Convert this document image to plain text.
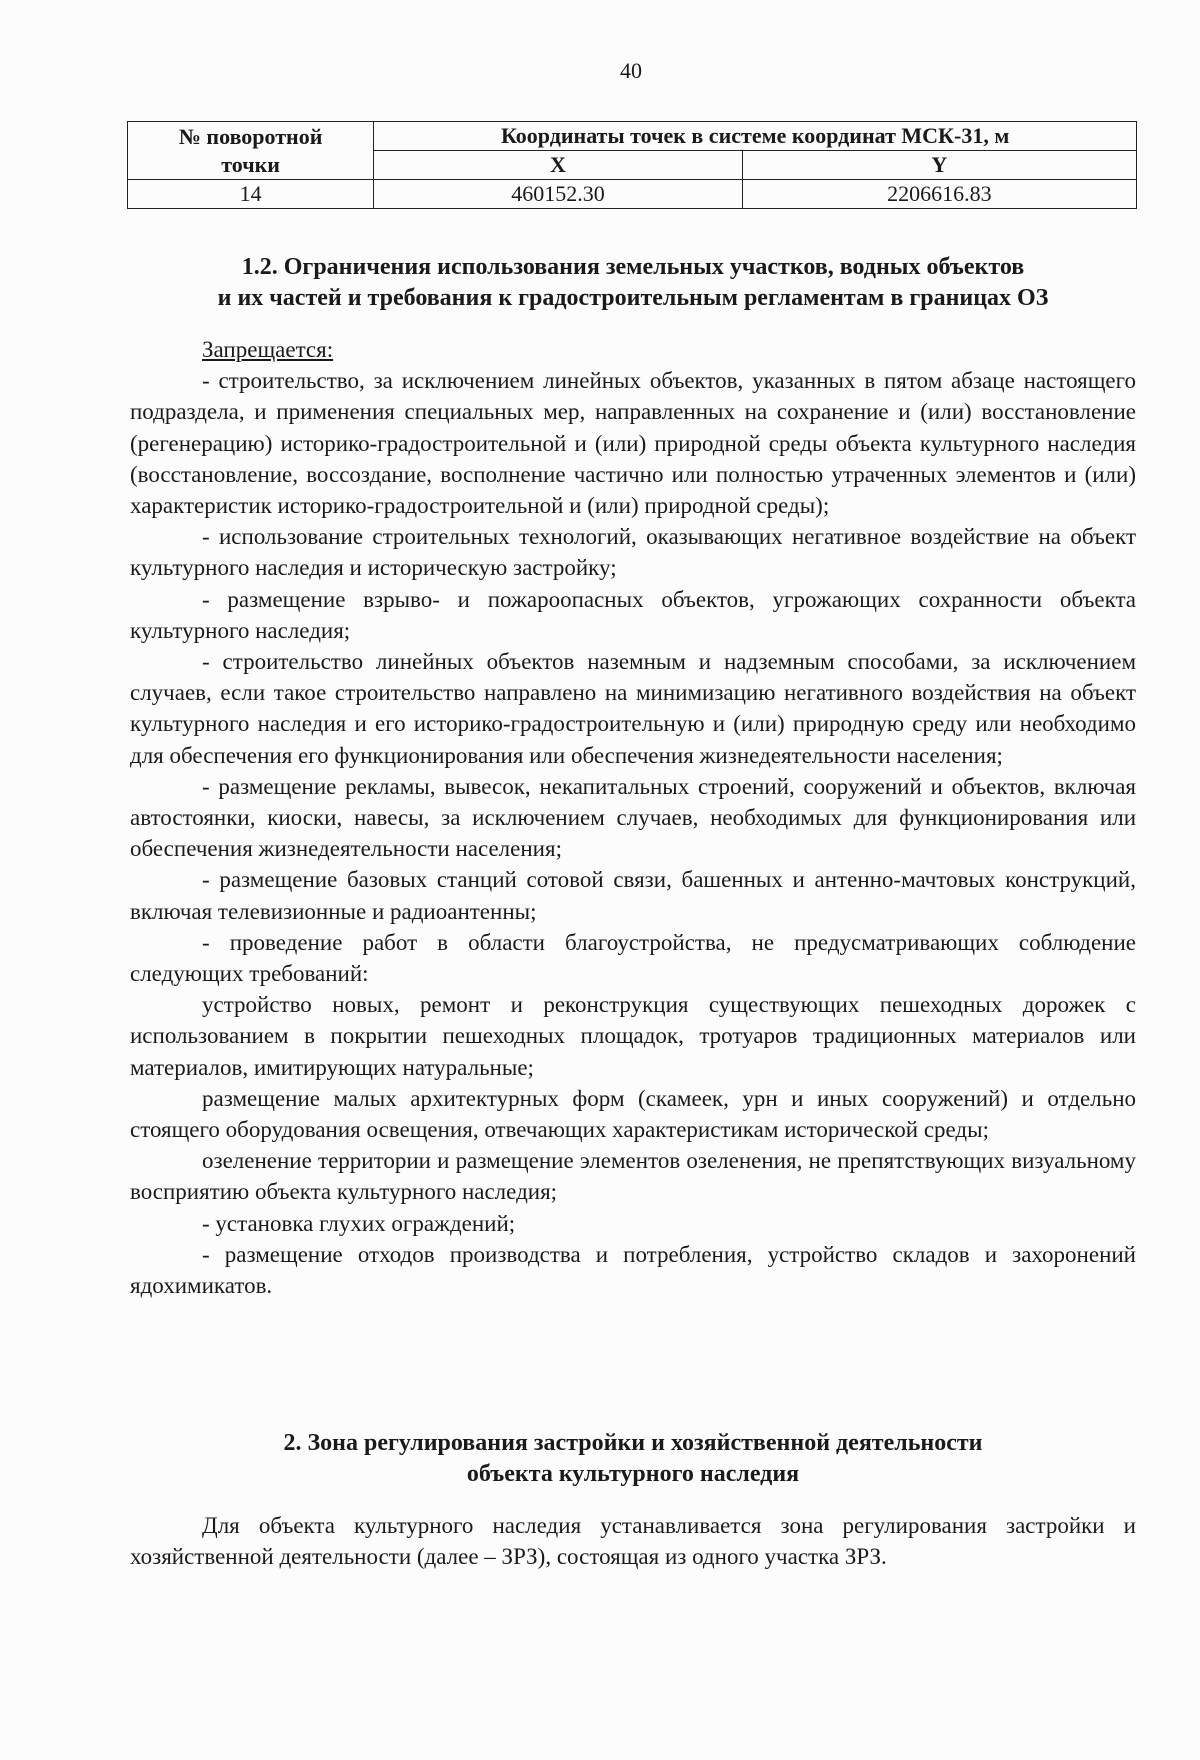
40
№ поворотной
точки	Координаты точек в системе координат МСК-31, м	
	X	Y
14	460152.30	2206616.83
1.2. Ограничения использования земельных участков, водных объектов
и их частей и требования к градостроительным регламентам в границах ОЗ

Запрещается:

- строительство, за исключением линейных объектов, указанных в пятом абзаце настоящего подраздела, и применения специальных мер, направленных на сохранение и (или) восстановление (регенерацию) историко-градостроительной и (или) природной среды объекта культурного наследия (восстановление, воссоздание, восполнение частично или полностью утраченных элементов и (или) характеристик историко-градостроительной и (или) природной среды);

- использование строительных технологий, оказывающих негативное воздействие на объект культурного наследия и историческую застройку;

- размещение взрыво- и пожароопасных объектов, угрожающих сохранности объекта культурного наследия;

- строительство линейных объектов наземным и надземным способами, за исключением случаев, если такое строительство направлено на минимизацию негативного воздействия на объект культурного наследия и его историко-градостроительную и (или) природную среду или необходимо для обеспечения его функционирования или обеспечения жизнедеятельности населения;

- размещение рекламы, вывесок, некапитальных строений, сооружений и объектов, включая автостоянки, киоски, навесы, за исключением случаев, необходимых для функционирования или обеспечения жизнедеятельности населения;

- размещение базовых станций сотовой связи, башенных и антенно-мачтовых конструкций, включая телевизионные и радиоантенны;

- проведение работ в области благоустройства, не предусматривающих соблюдение следующих требований:

устройство новых, ремонт и реконструкция существующих пешеходных дорожек с использованием в покрытии пешеходных площадок, тротуаров традиционных материалов или материалов, имитирующих натуральные;

размещение малых архитектурных форм (скамеек, урн и иных сооружений) и отдельно стоящего оборудования освещения, отвечающих характеристикам исторической среды;

озеленение территории и размещение элементов озеленения, не препятствующих визуальному восприятию объекта культурного наследия;

- установка глухих ограждений;

- размещение отходов производства и потребления, устройство складов и захоронений ядохимикатов.

2. Зона регулирования застройки и хозяйственной деятельности
объекта культурного наследия

Для объекта культурного наследия устанавливается зона регулирования застройки и хозяйственной деятельности (далее – ЗРЗ), состоящая из одного участка ЗРЗ.
